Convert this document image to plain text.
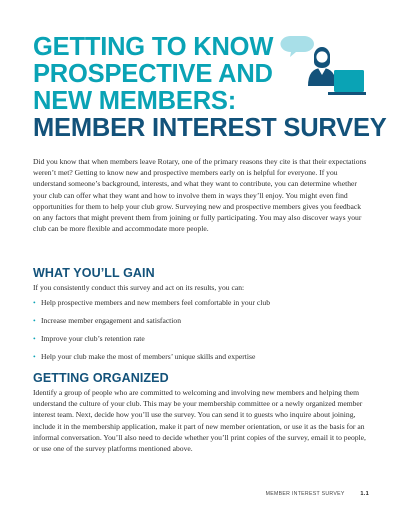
GETTING TO KNOW
PROSPECTIVE AND
NEW MEMBERS:
MEMBER INTEREST SURVEY

Did you know that when members leave Rotary, one of the primary reasons they cite is that their expectations weren’t met? Getting to know new and prospective members early on is helpful for everyone. If you understand someone’s background, interests, and what they want to contribute, you can determine whether your club can offer what they want and how to involve them in ways they’ll enjoy. You might even find opportunities for them to help your club grow. Surveying new and prospective members gives you feedback on any factors that might prevent them from joining or fully participating. You may also discover ways your club can be more flexible and accommodate more people.

WHAT YOU’LL GAIN

If you consistently conduct this survey and act on its results, you can:

• Help prospective members and new members feel comfortable in your club
• Increase member engagement and satisfaction
• Improve your club’s retention rate
• Help your club make the most of members’ unique skills and expertise
GETTING ORGANIZED

Identify a group of people who are committed to welcoming and involving new members and helping them understand the culture of your club. This may be your membership committee or a newly organized member interest team. Next, decide how you’ll use the survey. You can send it to guests who inquire about joining, include it in the membership application, make it part of new member orientation, or use it as the basis for an informal conversation. You’ll also need to decide whether you’ll print copies of the survey, email it to people, or use one of the survey platforms mentioned above.

MEMBER INTEREST SURVEY	1.1
